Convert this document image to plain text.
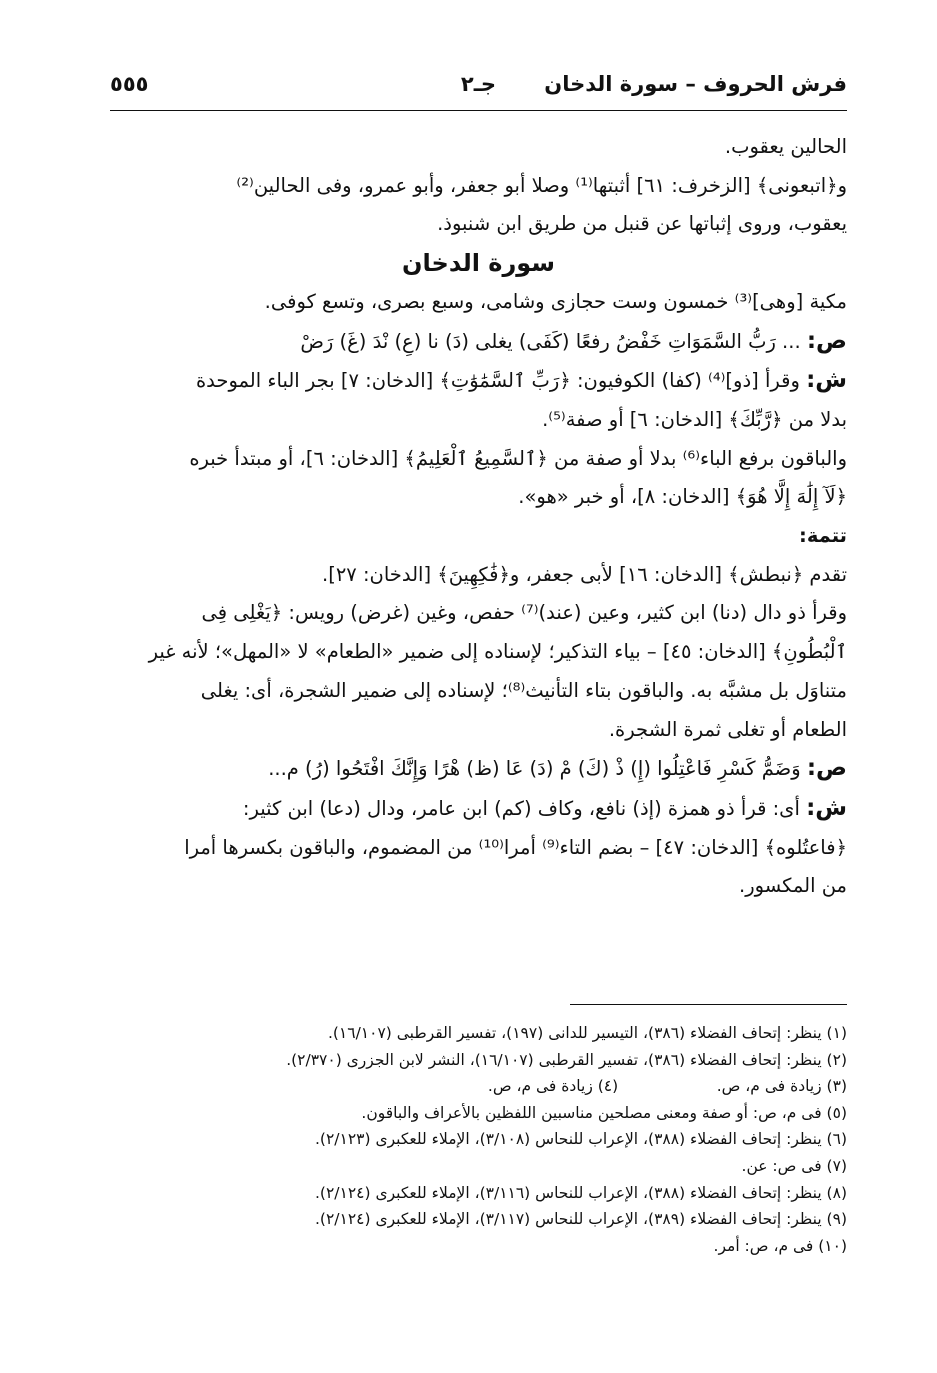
فرش الحروف – سورة الدخان
جـ٢
٥٥٥

الحالين يعقوب.

و﴿اتبعونى﴾ [الزخرف: ٦١] أثبتها⁽¹⁾ وصلا أبو جعفر، وأبو عمرو، وفى الحالين⁽²⁾

يعقوب، وروى إثباتها عن قنبل من طريق ابن شنبوذ.

سورة الدخان

مكية [وهى]⁽³⁾ خمسون وست حجازى وشامى، وسبع بصرى، وتسع كوفى.

ص: ... رَبُّ السَّمَوَاتِ خَفْضُ رفعًا (كَفَى) يغلى (دَ) نا (عِ) نْدَ (غَ) رَضْ

ش: وقرأ [ذو]⁽⁴⁾ (كفا) الكوفيون: ﴿رَبِّ ٱلسَّمَٰوَٰتِ﴾ [الدخان: ٧] بجر الباء الموحدة

بدلا من ﴿رَّبِّكَ﴾ [الدخان: ٦] أو صفة⁽⁵⁾.

والباقون برفع الباء⁽⁶⁾ بدلا أو صفة من ﴿ٱلسَّمِيعُ ٱلْعَلِيمُ﴾ [الدخان: ٦]، أو مبتدأ خبره

﴿لَآ إِلَٰهَ إِلَّا هُوَ﴾ [الدخان: ٨]، أو خبر «هو».

تتمة:

تقدم ﴿نبطش﴾ [الدخان: ١٦] لأبى جعفر، و﴿فَٰكِهِينَ﴾ [الدخان: ٢٧].

وقرأ ذو دال (دنا) ابن كثير، وعين (عند)⁽⁷⁾ حفص، وغين (غرض) رويس: ﴿يَغْلِى فِى

ٱلْبُطُونِ﴾ [الدخان: ٤٥] – بياء التذكير؛ لإسناده إلى ضمير «الطعام» لا «المهل»؛ لأنه غير

متناوَل بل مشبَّه به. والباقون بتاء التأنيث⁽⁸⁾؛ لإسناده إلى ضمير الشجرة، أى: يغلى

الطعام أو تغلى ثمرة الشجرة.

ص: وَضَمُّ كَسْرِ فَاعْتِلُوا (إِ) ذْ (كَ) مْ (دَ) عَا (ظ) هْرًا وَإِنَّكَ افْتَحُوا (رُ) م...

ش: أى: قرأ ذو همزة (إذ) نافع، وكاف (كم) ابن عامر، ودال (دعا) ابن كثير:

﴿فاعتُلوه﴾ [الدخان: ٤٧] – بضم التاء⁽⁹⁾ أمرا⁽¹⁰⁾ من المضموم، والباقون بكسرها أمرا

من المكسور.

(١) ينظر: إتحاف الفضلاء (٣٨٦)، التيسير للدانى (١٩٧)، تفسير القرطبى (١٦/١٠٧).
(٢) ينظر: إتحاف الفضلاء (٣٨٦)، تفسير القرطبى (١٦/١٠٧)، النشر لابن الجزرى (٢/٣٧٠).
(٣) زيادة فى م، ص.                    (٤) زيادة فى م، ص.
(٥) فى م، ص: أو صفة ومعنى مصلحين مناسبين اللفظين بالأعراف والباقون.
(٦) ينظر: إتحاف الفضلاء (٣٨٨)، الإعراب للنحاس (٣/١٠٨)، الإملاء للعكبرى (٢/١٢٣).
(٧) فى ص: عن.
(٨) ينظر: إتحاف الفضلاء (٣٨٨)، الإعراب للنحاس (٣/١١٦)، الإملاء للعكبرى (٢/١٢٤).
(٩) ينظر: إتحاف الفضلاء (٣٨٩)، الإعراب للنحاس (٣/١١٧)، الإملاء للعكبرى (٢/١٢٤).
(١٠) فى م، ص: أمر.
